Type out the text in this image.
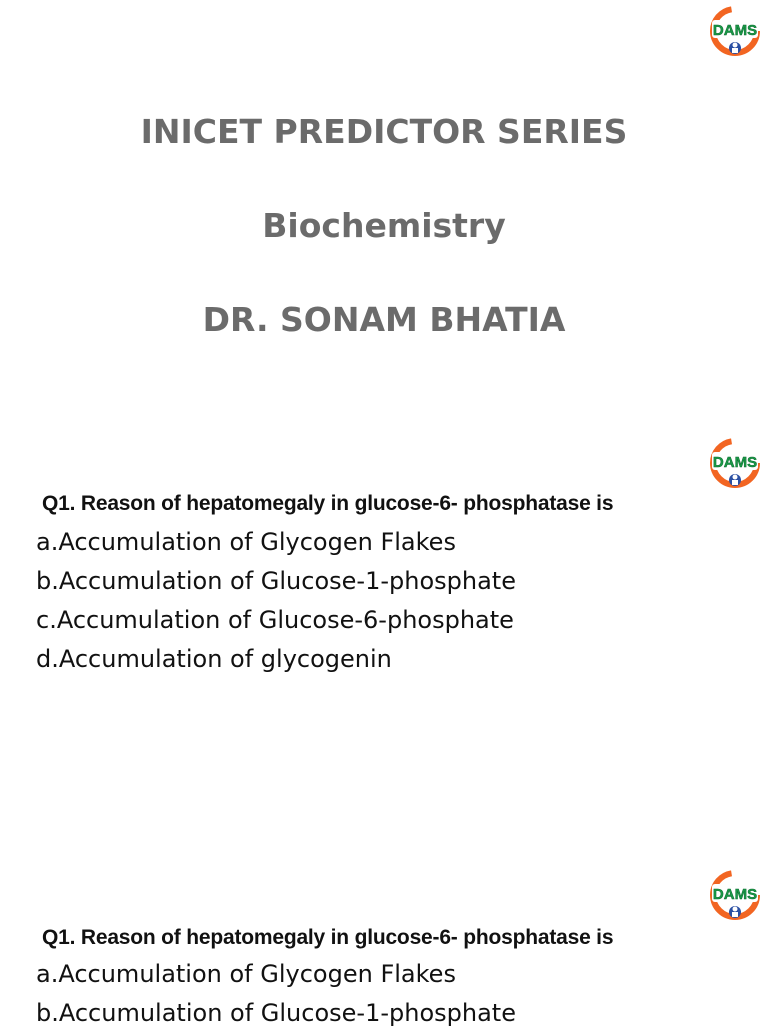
DAMS
INICET PREDICTOR SERIES
Biochemistry
DR. SONAM BHATIA
DAMS
Q1. Reason of hepatomegaly in glucose-6- phosphatase is
a.Accumulation of Glycogen Flakes
b.Accumulation of Glucose-1-phosphate
c.Accumulation of Glucose-6-phosphate
d.Accumulation of glycogenin
DAMS
Q1. Reason of hepatomegaly in glucose-6- phosphatase is
a.Accumulation of Glycogen Flakes
b.Accumulation of Glucose-1-phosphate
